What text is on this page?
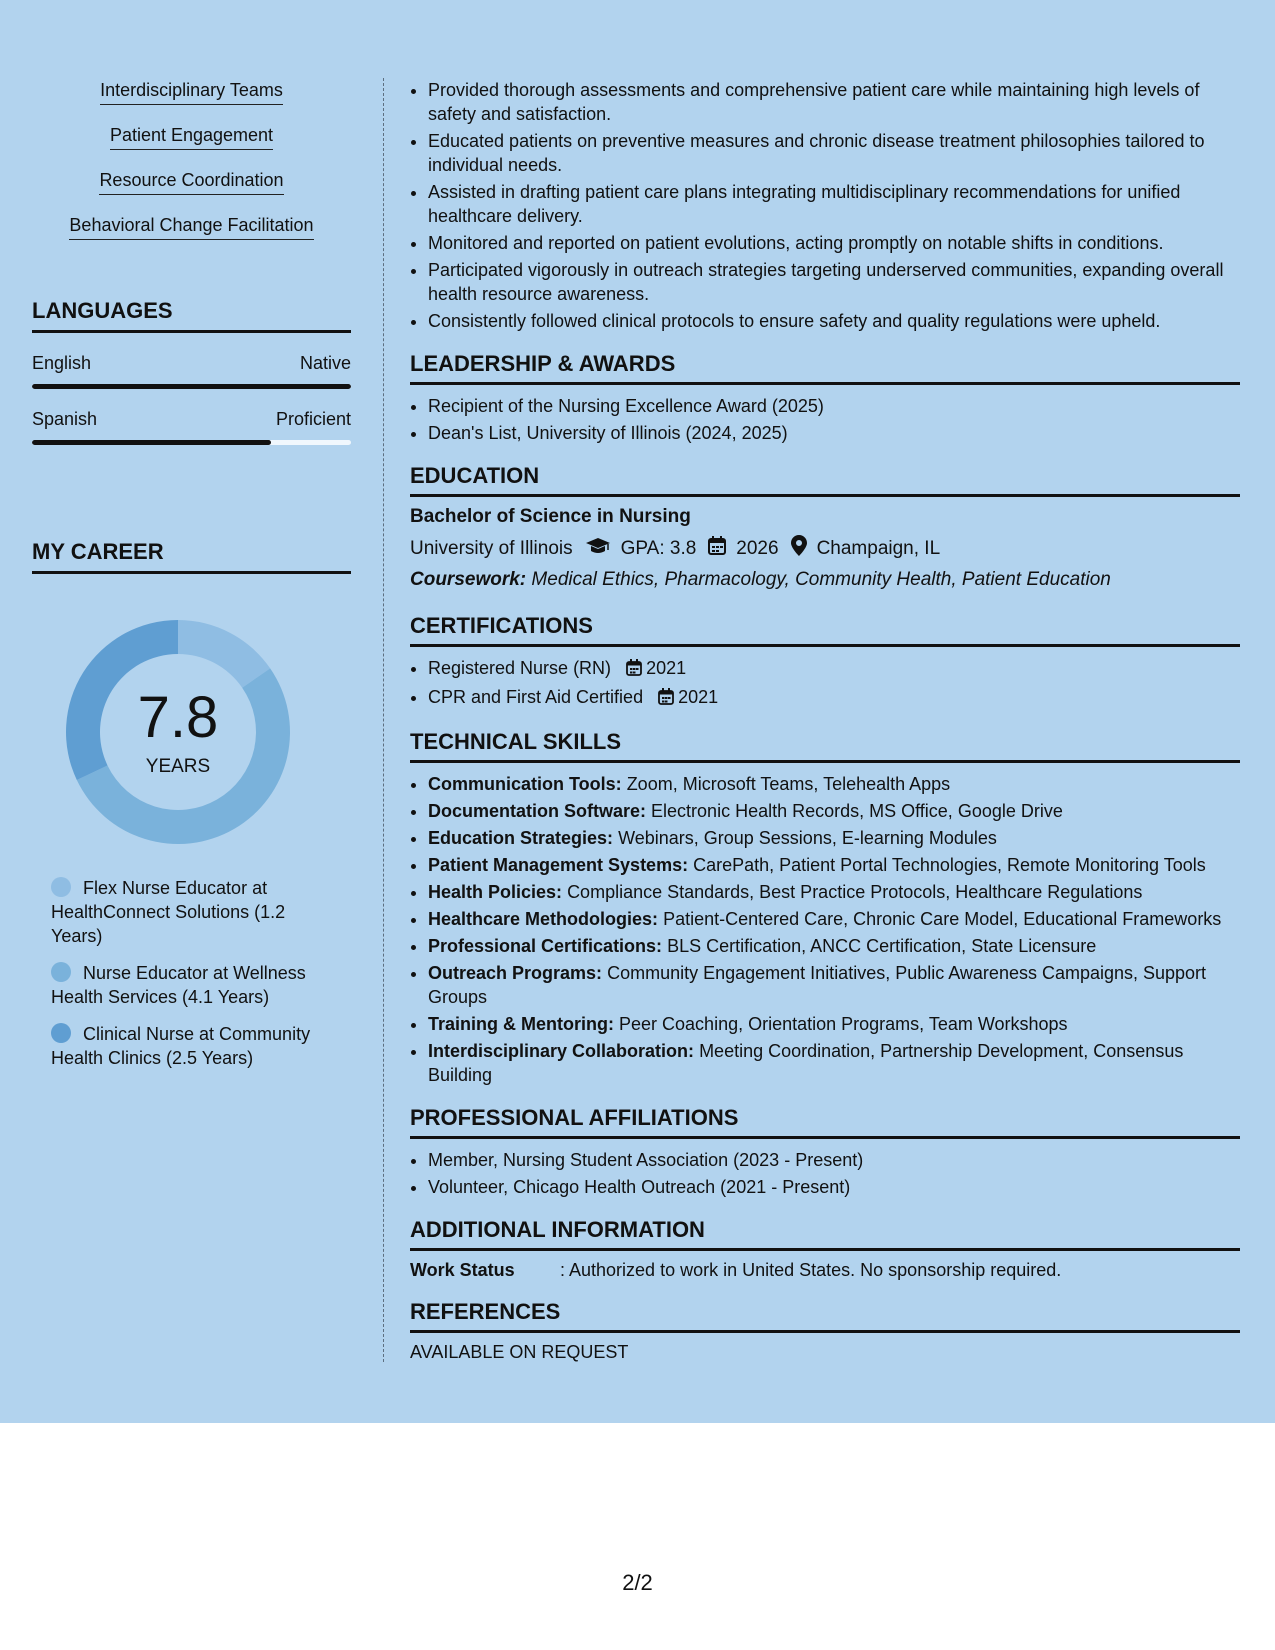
Interdisciplinary Teams
Patient Engagement
Resource Coordination
Behavioral Change Facilitation
LANGUAGES
English	Native
Spanish	Proficient
MY CAREER
7.8
YEARS
Flex Nurse Educator at HealthConnect Solutions (1.2 Years)
Nurse Educator at Wellness Health Services (4.1 Years)
Clinical Nurse at Community Health Clinics (2.5 Years)
• Provided thorough assessments and comprehensive patient care while maintaining high levels of safety and satisfaction.
• Educated patients on preventive measures and chronic disease treatment philosophies tailored to individual needs.
• Assisted in drafting patient care plans integrating multidisciplinary recommendations for unified healthcare delivery.
• Monitored and reported on patient evolutions, acting promptly on notable shifts in conditions.
• Participated vigorously in outreach strategies targeting underserved communities, expanding overall health resource awareness.
• Consistently followed clinical protocols to ensure safety and quality regulations were upheld.
LEADERSHIP & AWARDS
• Recipient of the Nursing Excellence Award (2025)
• Dean's List, University of Illinois (2024, 2025)
EDUCATION
Bachelor of Science in Nursing
University of Illinois	GPA: 3.8 2026 Champaign, IL
Coursework: Medical Ethics, Pharmacology, Community Health, Patient Education
CERTIFICATIONS
• Registered Nurse (RN) 2021
• CPR and First Aid Certified 2021
TECHNICAL SKILLS
• Communication Tools: Zoom, Microsoft Teams, Telehealth Apps
• Documentation Software: Electronic Health Records, MS Office, Google Drive
• Education Strategies: Webinars, Group Sessions, E-learning Modules
• Patient Management Systems: CarePath, Patient Portal Technologies, Remote Monitoring Tools
• Health Policies: Compliance Standards, Best Practice Protocols, Healthcare Regulations
• Healthcare Methodologies: Patient-Centered Care, Chronic Care Model, Educational Frameworks
• Professional Certifications: BLS Certification, ANCC Certification, State Licensure
• Outreach Programs: Community Engagement Initiatives, Public Awareness Campaigns, Support Groups
• Training & Mentoring: Peer Coaching, Orientation Programs, Team Workshops
• Interdisciplinary Collaboration: Meeting Coordination, Partnership Development, Consensus Building
PROFESSIONAL AFFILIATIONS
• Member, Nursing Student Association (2023 - Present)
• Volunteer, Chicago Health Outreach (2021 - Present)
ADDITIONAL INFORMATION
Work Status	: Authorized to work in United States. No sponsorship required.
REFERENCES
AVAILABLE ON REQUEST
2/2
